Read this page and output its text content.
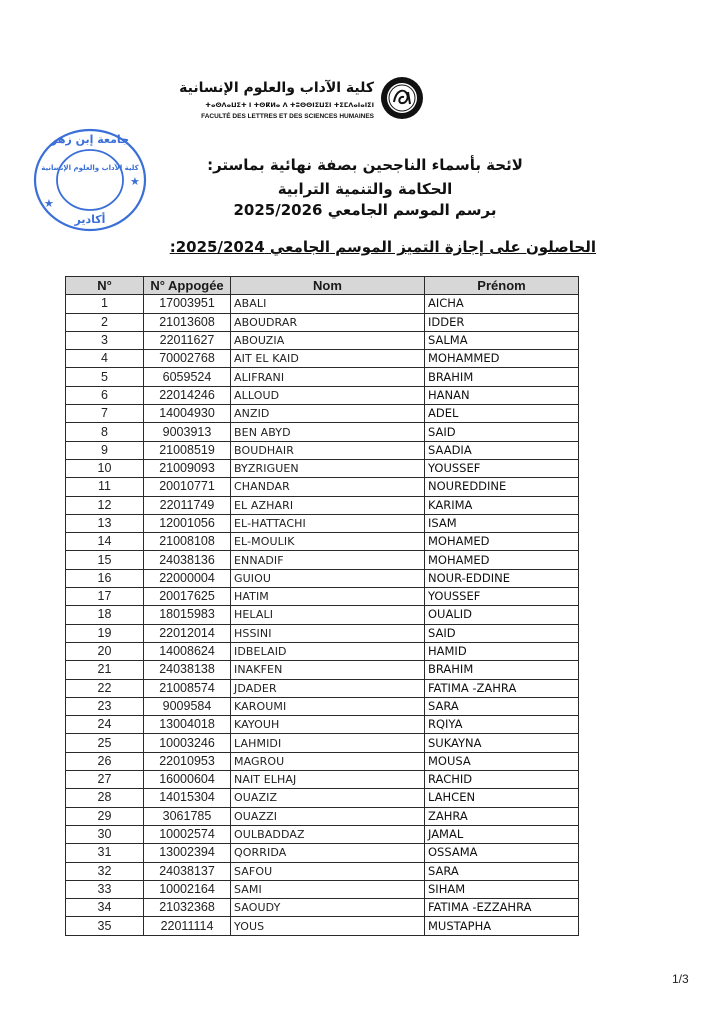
كلية الآداب والعلوم الإنسانية
ⵜⴰⵙⴷⴰⵡⵉⵜ ⵏ ⵜⵙⴽⵍⴰ ⴷ ⵜⵓⵙⵙⵏⵉⵡⵉⵏ ⵜⵉⵎⴷⴰⵏⴰⵏⵉⵏ
FACULTÉ DES LETTRES ET DES SCIENCES HUMAINES
جامعة إبن زهر
كلية الآداب والعلوم الإنسانية
أكادير
★
★
لائحة بأسماء الناجحين بصفة نهائية بماستر:
الحكامة والتنمية الترابية
برسم الموسم الجامعي 2025/2026
الحاصلون على إجازة التميز الموسم الجامعي 2025/2024:
N°	N° Appogée	Nom	Prénom
1	17003951	ABALI	AICHA
2	21013608	ABOUDRAR	IDDER
3	22011627	ABOUZIA	SALMA
4	70002768	AIT EL KAID	MOHAMMED
5	6059524	ALIFRANI	BRAHIM
6	22014246	ALLOUD	HANAN
7	14004930	ANZID	ADEL
8	9003913	BEN ABYD	SAID
9	21008519	BOUDHAIR	SAADIA
10	21009093	BYZRIGUEN	YOUSSEF
11	20010771	CHANDAR	NOUREDDINE
12	22011749	EL AZHARI	KARIMA
13	12001056	EL-HATTACHI	ISAM
14	21008108	EL-MOULIK	MOHAMED
15	24038136	ENNADIF	MOHAMED
16	22000004	GUIOU	NOUR-EDDINE
17	20017625	HATIM	YOUSSEF
18	18015983	HELALI	OUALID
19	22012014	HSSINI	SAID
20	14008624	IDBELAID	HAMID
21	24038138	INAKFEN	BRAHIM
22	21008574	JDADER	FATIMA -ZAHRA
23	9009584	KAROUMI	SARA
24	13004018	KAYOUH	RQIYA
25	10003246	LAHMIDI	SUKAYNA
26	22010953	MAGROU	MOUSA
27	16000604	NAIT ELHAJ	RACHID
28	14015304	OUAZIZ	LAHCEN
29	3061785	OUAZZI	ZAHRA
30	10002574	OULBADDAZ	JAMAL
31	13002394	QORRIDA	OSSAMA
32	24038137	SAFOU	SARA
33	10002164	SAMI	SIHAM
34	21032368	SAOUDY	FATIMA -EZZAHRA
35	22011114	YOUS	MUSTAPHA
1/3
